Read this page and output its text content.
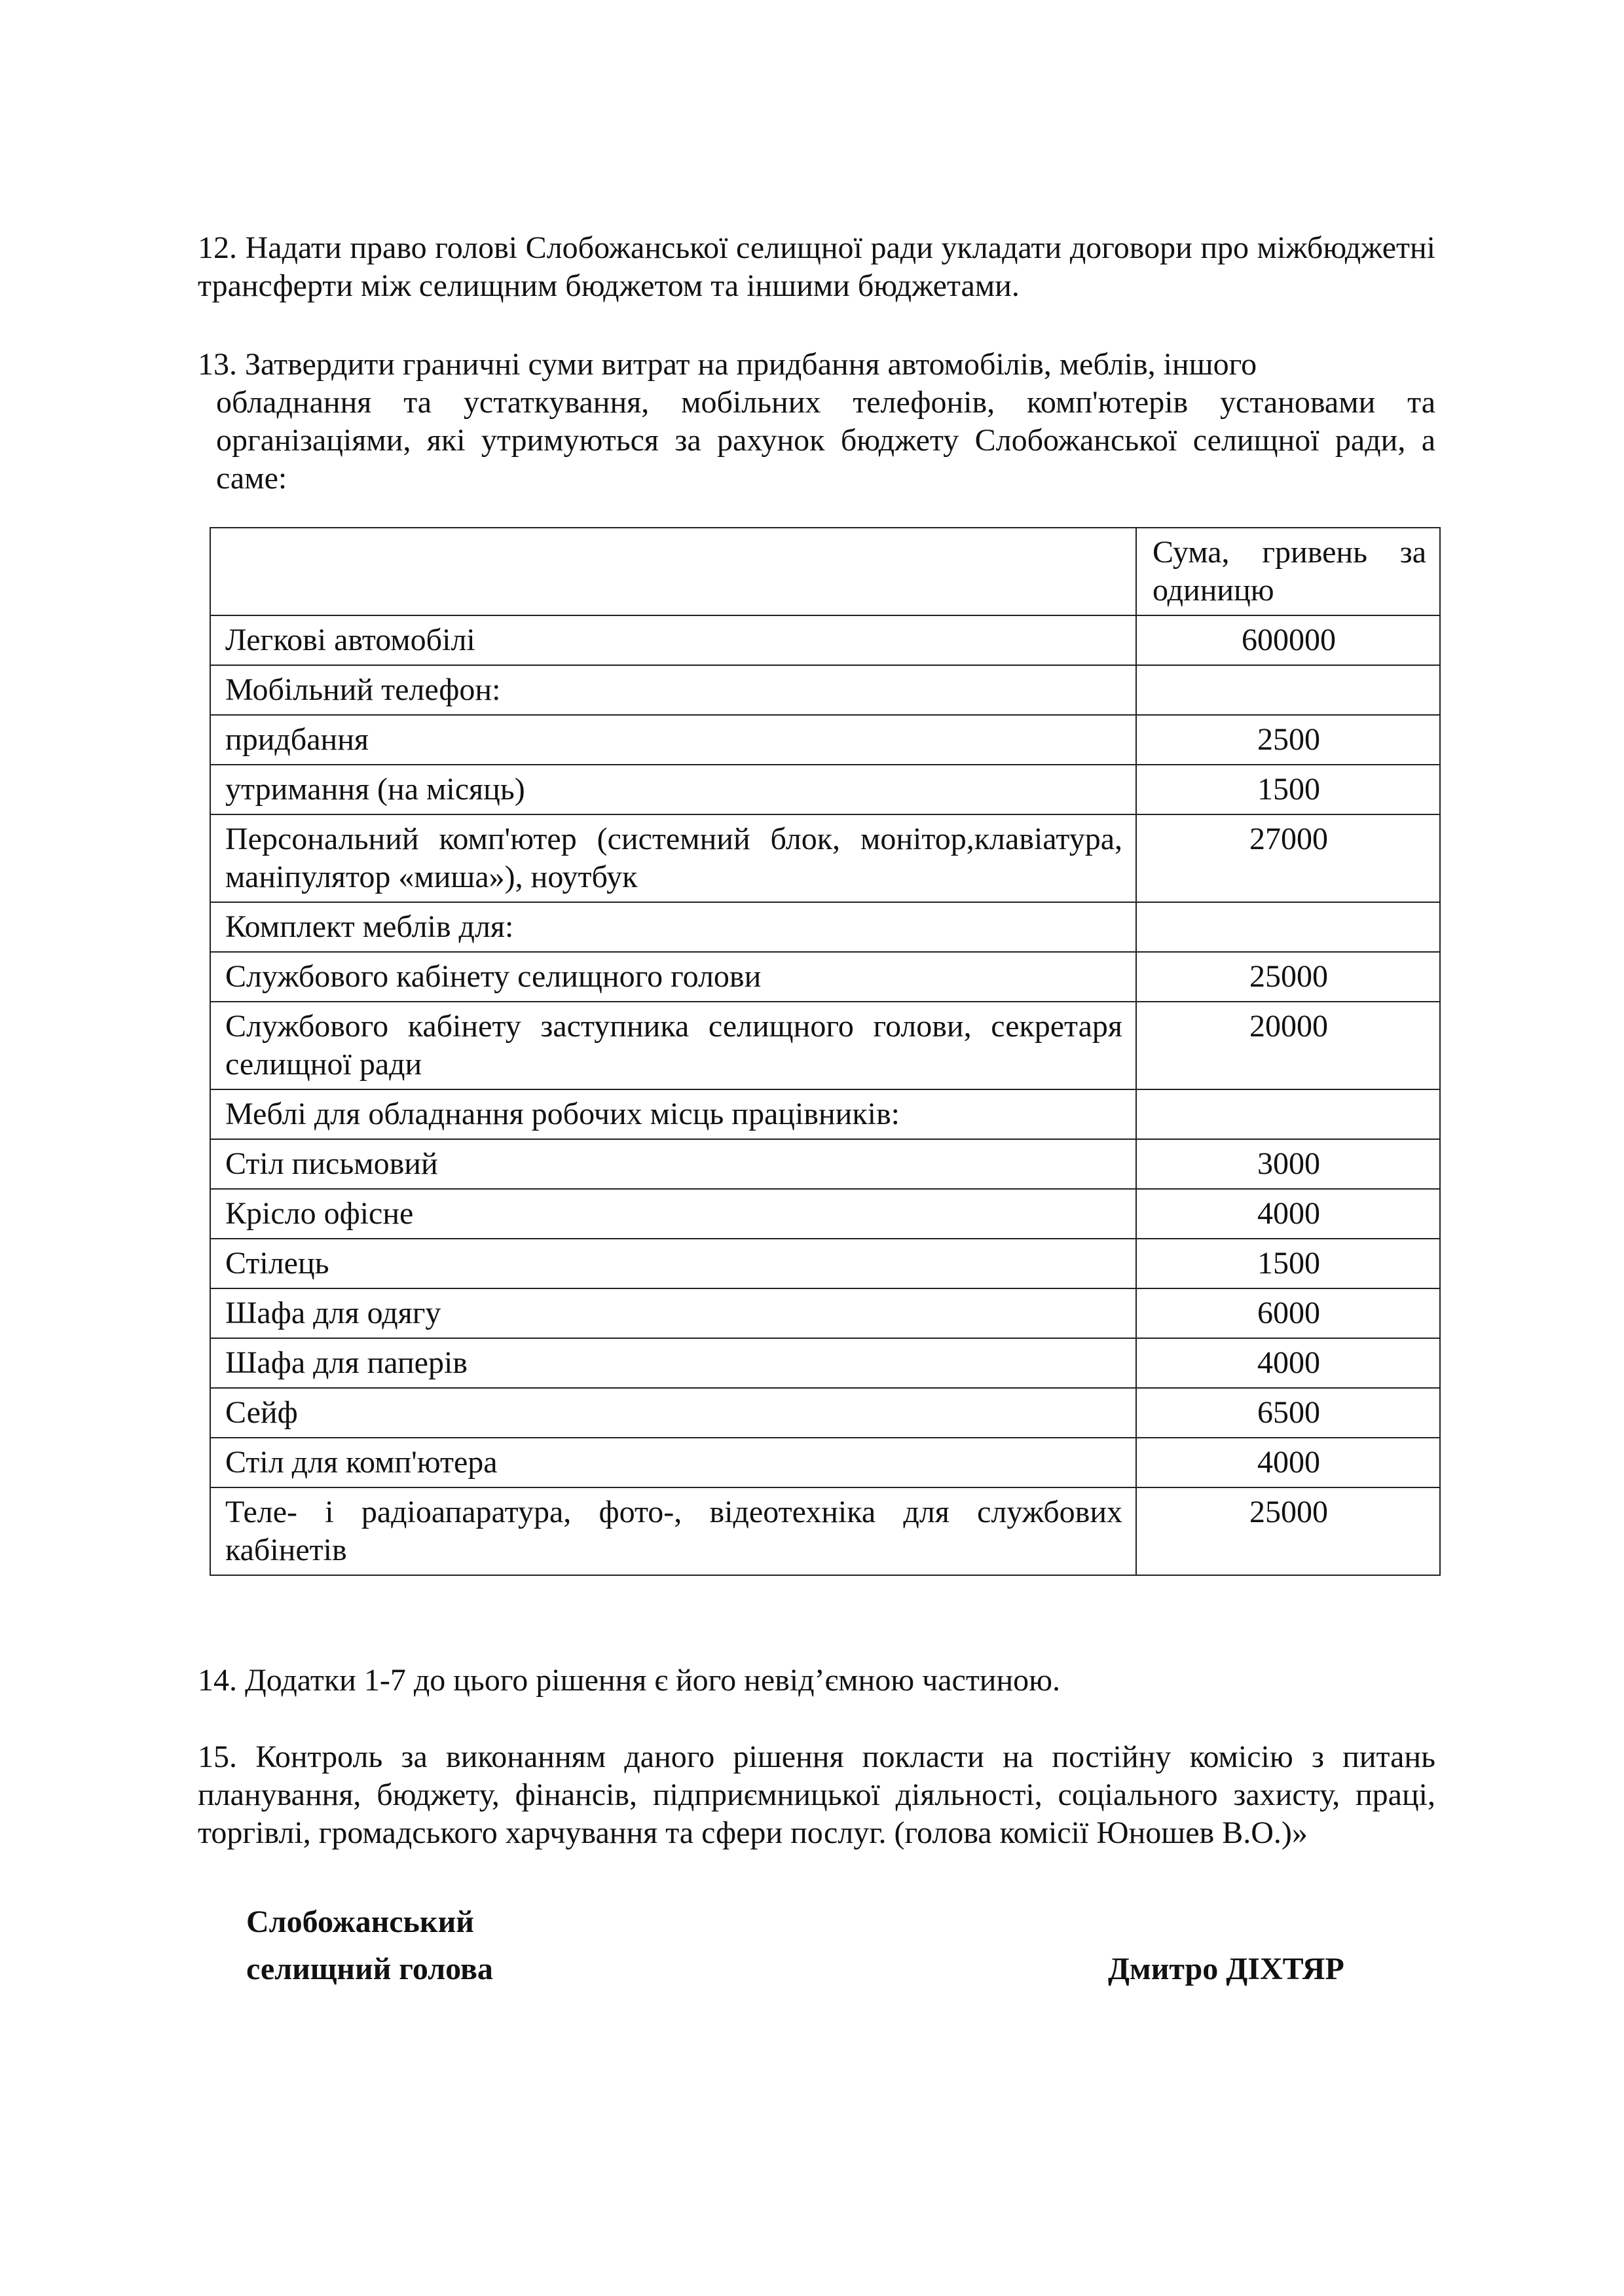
12. Надати право голові Слобожанської селищної ради укладати договори про міжбюджетні трансферти між селищним бюджетом та іншими бюджетами.

13. Затвердити граничні суми витрат на придбання автомобілів, меблів, іншого
обладнання та устаткування, мобільних телефонів, комп'ютерів установами та організаціями, які утримуються за рахунок бюджету Слобожанської селищної ради, а саме:
	Сума, гривень за одиницю
Легкові автомобілі	600000
Мобільний телефон:	
придбання	2500
утримання (на місяць)	1500
Персональний комп'ютер (системний блок, монітор,клавіатура, маніпулятор «миша»), ноутбук	27000
Комплект меблів для:	
Службового кабінету селищного голови	25000
Службового кабінету заступника селищного голови, секретаря селищної ради	20000
Меблі для обладнання робочих місць працівників:	
Стіл письмовий	3000
Крісло офісне	4000
Стілець	1500
Шафа для одягу	6000
Шафа для паперів	4000
Сейф	6500
Стіл для комп'ютера	4000
Теле- і радіоапаратура, фото-, відеотехніка для службових кабінетів	25000

14. Додатки 1-7 до цього рішення є його невід’ємною частиною.

15. Контроль за виконанням даного рішення покласти на постійну комісію з питань планування, бюджету, фінансів, підприємницької діяльності, соціального захисту, праці, торгівлі, громадського харчування та сфери послуг. (голова комісії Юношев В.О.)»

Слобожанський
селищний голова	Дмитро ДІХТЯР
